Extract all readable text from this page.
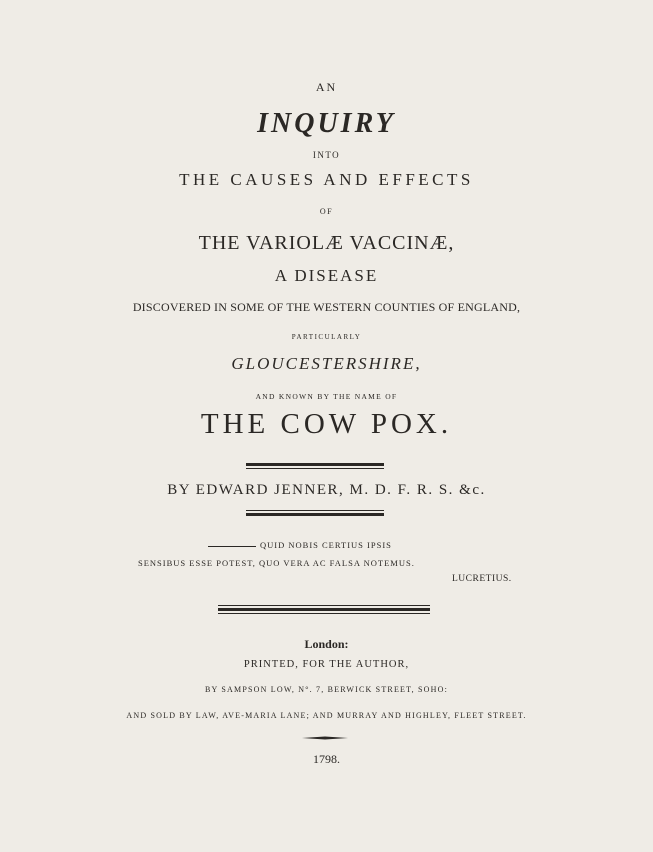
AN
INQUIRY
INTO
THE CAUSES AND EFFECTS
OF
THE VARIOLÆ VACCINÆ,
A DISEASE
DISCOVERED IN SOME OF THE WESTERN COUNTIES OF ENGLAND,
PARTICULARLY
GLOUCESTERSHIRE,
AND KNOWN BY THE NAME OF
THE COW POX.
BY EDWARD JENNER, M. D. F. R. S. &c.
QUID NOBIS CERTIUS IPSIS
SENSIBUS ESSE POTEST, QUO VERA AC FALSA NOTEMUS.
LUCRETIUS.
London:
PRINTED, FOR THE AUTHOR,
BY SAMPSON LOW, N°. 7, BERWICK STREET, SOHO:
AND SOLD BY LAW, AVE-MARIA LANE; AND MURRAY AND HIGHLEY, FLEET STREET.
1798.
